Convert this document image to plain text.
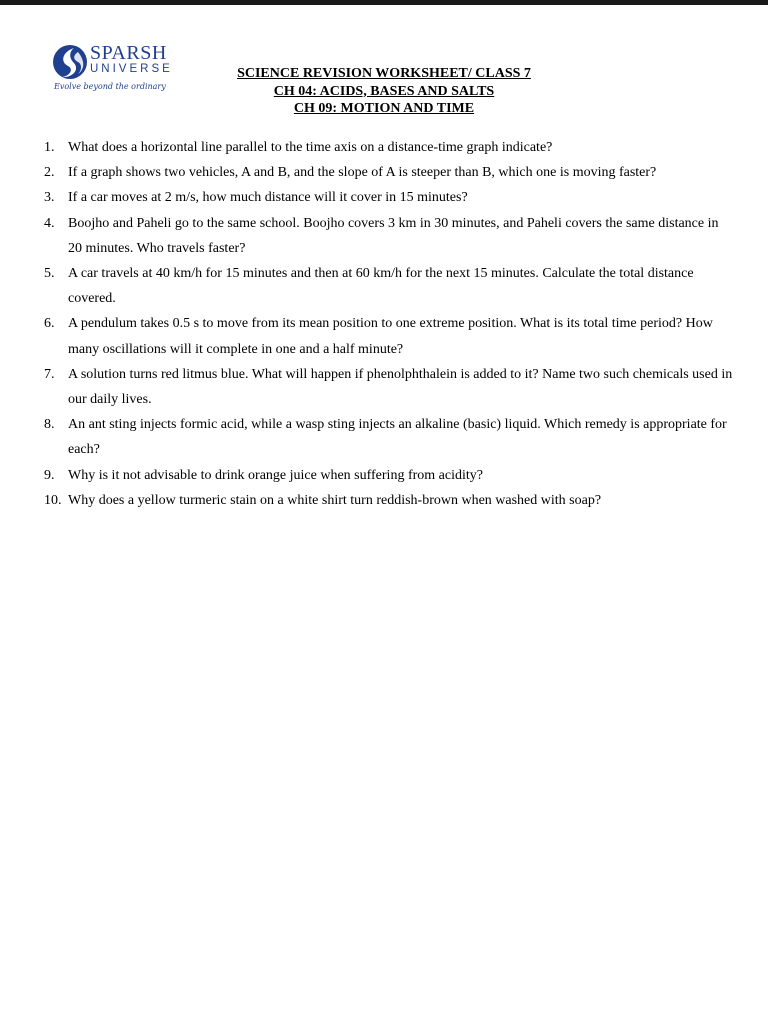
SPARSH
UNIVERSE
Evolve beyond the ordinary
SCIENCE REVISION WORKSHEET/ CLASS 7
CH 04: ACIDS, BASES AND SALTS
CH 09: MOTION AND TIME
1. What does a horizontal line parallel to the time axis on a distance-time graph indicate?
2. If a graph shows two vehicles, A and B, and the slope of A is steeper than B, which one is moving faster?
3. If a car moves at 2 m/s, how much distance will it cover in 15 minutes?
4. Boojho and Paheli go to the same school. Boojho covers 3 km in 30 minutes, and Paheli covers the same distance in 20 minutes. Who travels faster?
5. A car travels at 40 km/h for 15 minutes and then at 60 km/h for the next 15 minutes. Calculate the total distance covered.
6. A pendulum takes 0.5 s to move from its mean position to one extreme position. What is its total time period? How many oscillations will it complete in one and a half minute?
7. A solution turns red litmus blue. What will happen if phenolphthalein is added to it? Name two such chemicals used in our daily lives.
8. An ant sting injects formic acid, while a wasp sting injects an alkaline (basic) liquid. Which remedy is appropriate for each?
9. Why is it not advisable to drink orange juice when suffering from acidity?
10. Why does a yellow turmeric stain on a white shirt turn reddish-brown when washed with soap?
